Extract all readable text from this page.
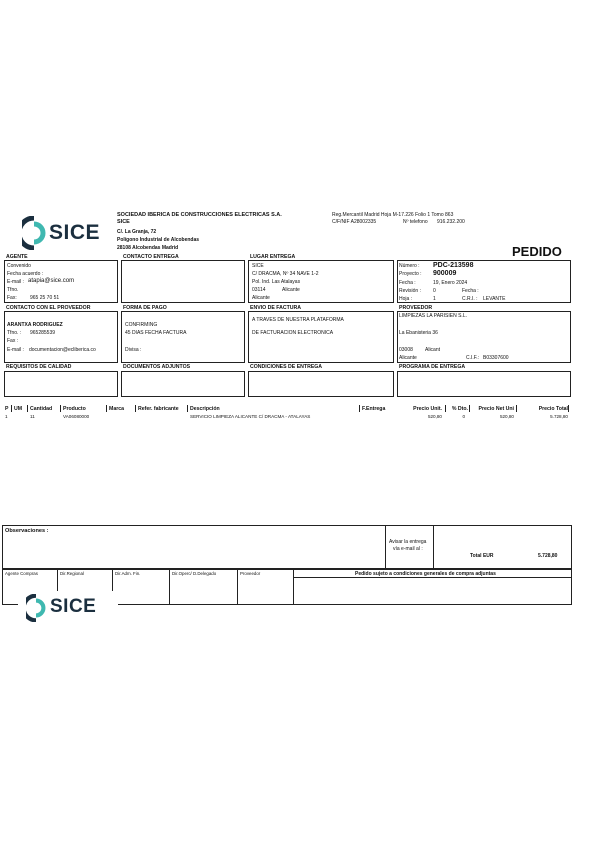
SICE
SOCIEDAD IBERICA DE CONSTRUCCIONES ELECTRICAS S.A.
SICE
C/. La Granja, 72
Polígono Industrial de Alcobendas
28108 Alcobendas Madrid
Reg.Mercantil Madrid Hoja M-17.226 Folio 1 Tomo 863
C/F/NIF A28002335	Nº telefono 916.232.200
PEDIDO
AGENTE	CONTACTO ENTREGA	LUGAR ENTREGA
Convenido
Fecha acuerdo :
E-mail : atapia@sice.com
Tfno.
Fax:	965 25 70 51
SICE
C/ DRACMA, Nº 34 NAVE 1-2
Pol. Ind. Las Atalayas
03114	Alicante
Alicante
Número : PDC-213598
Proyecto : 900009
Fecha :	19, Enero 2024
Revisión : 0	Fecha :
Hoja :	1	C.R.I. : LEVANTE
CONTACTO CON EL PROVEEDOR	FORMA DE PAGO	ENVIO DE FACTURA	PROVEEDOR
ARANTXA RODRIGUEZ
Tfno. : 965285539
Fax :
E-mail : documentacion@ecliberica.co
CONFIRMING
45 DIAS FECHA FACTURA
Divisa :
A TRAVES DE NUESTRA PLATAFORMA
DE FACTURACION ELECTRONICA
LIMPIEZAS LA PARISIEN S.L.
La Ebanisteria 36
03008 Alicant
Alicante	C.I.F.: B03307600
REQUISITOS DE CALIDAD	DOCUMENTOS ADJUNTOS	CONDICIONES DE ENTREGA	PROGRAMA DE ENTREGA
P UM Cantidad Producto	Marca	Refer. fabricante Descripción	F.Entrega	Precio Unit. % Dto. Precio Net Uni	Precio Total
1	11	VA06080000	SERVICIO LIMPIEZA ALICANTE C/ DRACMA - ATALAYAS	520,80	0	520,80	5.728,80
Observaciones :
Avisar la entrega
vía e-mail al :
Total EUR	5.728,80
Agente Compras	Dir.Regional	Dir.Adm. Fin.	Dir.Operc/ D.Delegado	Proveedor	Pedido sujeto a condiciones generales de compra adjuntas
SICE
